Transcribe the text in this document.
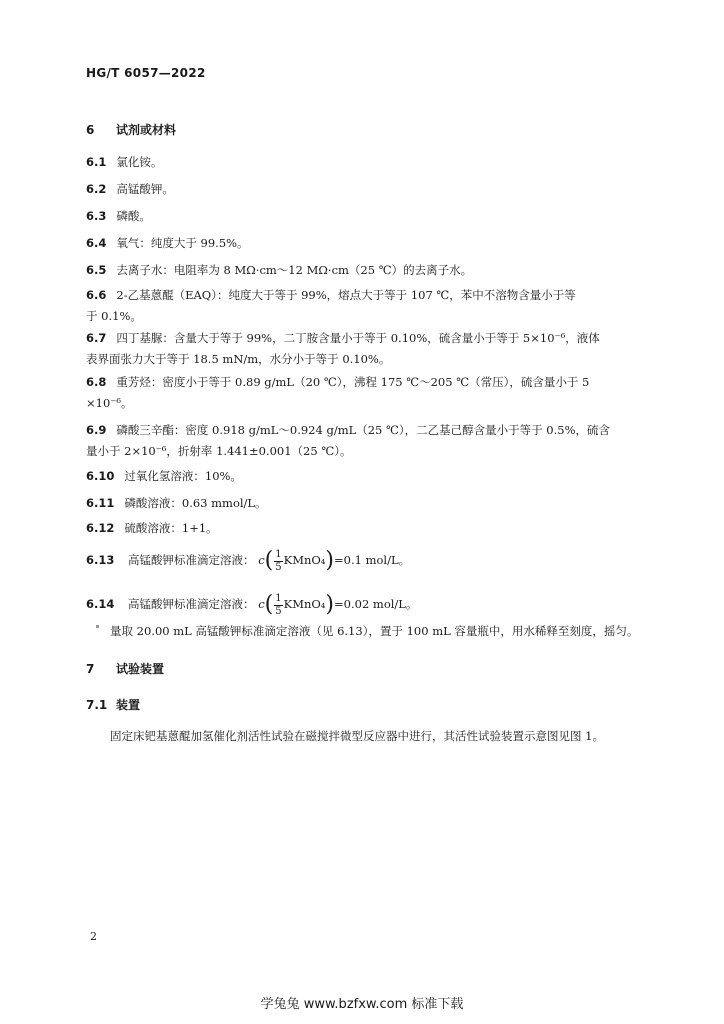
HG/T 6057—2022
6 试剂或材料
6.1 氯化铵。
6.2 高锰酸钾。
6.3 磷酸。
6.4 氧气：纯度大于 99.5%。
6.5 去离子水：电阻率为 8 MΩ·cm～12 MΩ·cm（25 ℃）的去离子水。
6.6 2-乙基蒽醌（EAQ）：纯度大于等于 99%，熔点大于等于 107 ℃，苯中不溶物含量小于等
于 0.1%。
6.7 四丁基脲：含量大于等于 99%，二丁胺含量小于等于 0.10%，硫含量小于等于 5×10⁻⁶，液体
表界面张力大于等于 18.5 mN/m，水分小于等于 0.10%。
6.8 重芳烃：密度小于等于 0.89 g/mL（20 ℃），沸程 175 ℃～205 ℃（常压），硫含量小于 5
×10⁻⁶。
6.9 磷酸三辛酯：密度 0.918 g/mL～0.924 g/mL（25 ℃），二乙基己醇含量小于等于 0.5%，硫含
量小于 2×10⁻⁶，折射率 1.441±0.001（25 ℃）。
6.10 过氧化氢溶液：10%。
6.11 磷酸溶液：0.63 mmol/L。
6.12 硫酸溶液：1+1。
6.13 高锰酸钾标准滴定溶液： $c( \frac{1}{5}$ KMnO₄)=0.1 mol/L。
6.14 高锰酸钾标准滴定溶液： $c( \frac{1}{5}$ KMnO₄)=0.02 mol/L。
量取 20.00 mL 高锰酸钾标准滴定溶液（见 6.13），置于 100 mL 容量瓶中，用水稀释至刻度，摇匀。
7 试验装置
7.1 装置
固定床钯基蒽醌加氢催化剂活性试验在磁搅拌微型反应器中进行，其活性试验装置示意图见图 1。
2
学兔兔 www.bzfxw.com 标准下载
